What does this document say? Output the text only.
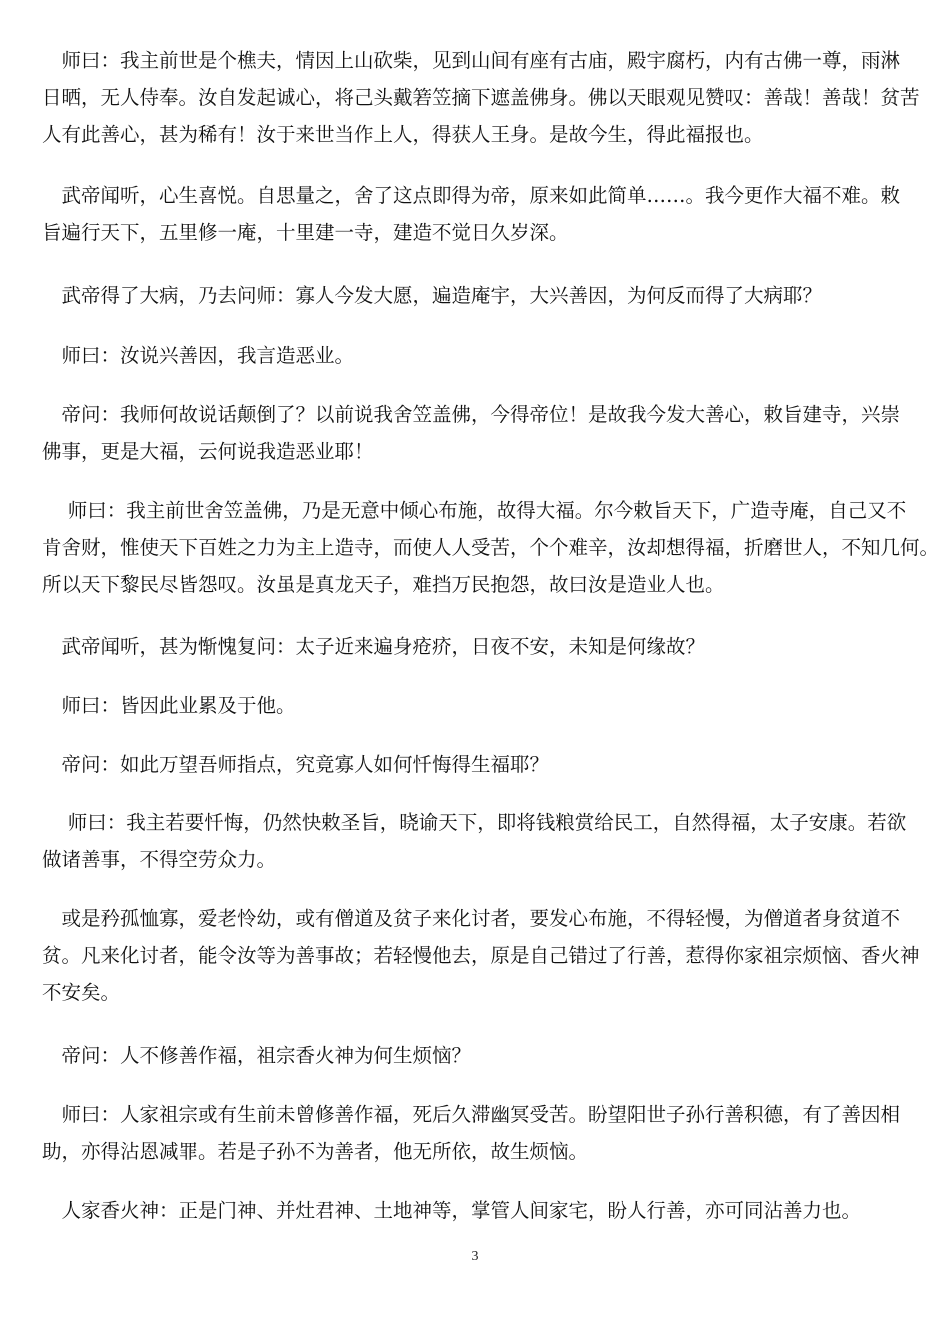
　师曰：我主前世是个樵夫，情因上山砍柴，见到山间有座有古庙，殿宇腐朽，内有古佛一尊，雨淋
日晒，无人侍奉。汝自发起诚心，将己头戴箬笠摘下遮盖佛身。佛以天眼观见赞叹：善哉！善哉！贫苦
人有此善心，甚为稀有！汝于来世当作上人，得获人王身。是故今生，得此福报也。

　武帝闻听，心生喜悦。自思量之，舍了这点即得为帝，原来如此简单……。我今更作大福不难。敕
旨遍行天下，五里修一庵，十里建一寺，建造不觉日久岁深。

　武帝得了大病，乃去问师：寡人今发大愿，遍造庵宇，大兴善因，为何反而得了大病耶？

　师曰：汝说兴善因，我言造恶业。

　帝问：我师何故说话颠倒了？以前说我舍笠盖佛，今得帝位！是故我今发大善心，敕旨建寺，兴崇
佛事，更是大福，云何说我造恶业耶！

　 师曰：我主前世舍笠盖佛，乃是无意中倾心布施，故得大福。尔今敕旨天下，广造寺庵，自己又不
肯舍财，惟使天下百姓之力为主上造寺，而使人人受苦，个个难辛，汝却想得福，折磨世人，不知几何。
所以天下黎民尽皆怨叹。汝虽是真龙天子，难挡万民抱怨，故曰汝是造业人也。

　武帝闻听，甚为惭愧复问：太子近来遍身疮疥，日夜不安，未知是何缘故？

　师曰：皆因此业累及于他。

　帝问：如此万望吾师指点，究竟寡人如何忏悔得生福耶？

　 师曰：我主若要忏悔，仍然快敕圣旨，晓谕天下，即将钱粮赏给民工，自然得福，太子安康。若欲
做诸善事，不得空劳众力。

　或是矜孤恤寡，爱老怜幼，或有僧道及贫子来化讨者，要发心布施，不得轻慢，为僧道者身贫道不
贫。凡来化讨者，能令汝等为善事故；若轻慢他去，原是自己错过了行善，惹得你家祖宗烦恼、香火神
不安矣。

　帝问：人不修善作福，祖宗香火神为何生烦恼？

　师曰：人家祖宗或有生前未曾修善作福，死后久滞幽冥受苦。盼望阳世子孙行善积德，有了善因相
助，亦得沾恩减罪。若是子孙不为善者，他无所依，故生烦恼。

　人家香火神：正是门神、并灶君神、土地神等，掌管人间家宅，盼人行善，亦可同沾善力也。

3
